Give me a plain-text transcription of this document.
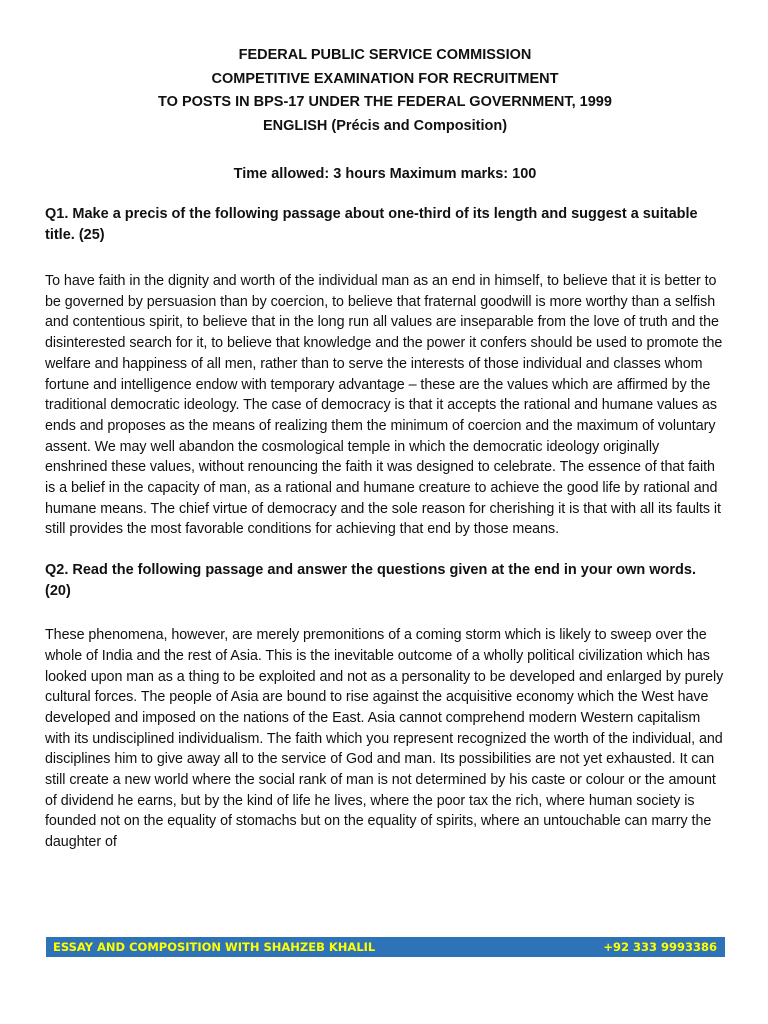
FEDERAL PUBLIC SERVICE COMMISSION

COMPETITIVE EXAMINATION FOR RECRUITMENT

TO POSTS IN BPS-17 UNDER THE FEDERAL GOVERNMENT, 1999

ENGLISH (Précis and Composition)

Time allowed: 3 hours Maximum marks: 100

Q1. Make a precis of the following passage about one-third of its length and suggest a suitable title. (25)

To have faith in the dignity and worth of the individual man as an end in himself, to believe that it is better to be governed by persuasion than by coercion, to believe that fraternal goodwill is more worthy than a selfish and contentious spirit, to believe that in the long run all values are inseparable from the love of truth and the disinterested search for it, to believe that knowledge and the power it confers should be used to promote the welfare and happiness of all men, rather than to serve the interests of those individual and classes whom fortune and intelligence endow with temporary advantage – these are the values which are affirmed by the traditional democratic ideology. The case of democracy is that it accepts the rational and humane values as ends and proposes as the means of realizing them the minimum of coercion and the maximum of voluntary assent. We may well abandon the cosmological temple in which the democratic ideology originally enshrined these values, without renouncing the faith it was designed to celebrate. The essence of that faith is a belief in the capacity of man, as a rational and humane creature to achieve the good life by rational and humane means. The chief virtue of democracy and the sole reason for cherishing it is that with all its faults it still provides the most favorable conditions for achieving that end by those means.

Q2. Read the following passage and answer the questions given at the end in your own words. (20)

These phenomena, however, are merely premonitions of a coming storm which is likely to sweep over the whole of India and the rest of Asia. This is the inevitable outcome of a wholly political civilization which has looked upon man as a thing to be exploited and not as a personality to be developed and enlarged by purely cultural forces. The people of Asia are bound to rise against the acquisitive economy which the West have developed and imposed on the nations of the East. Asia cannot comprehend modern Western capitalism with its undisciplined individualism. The faith which you represent recognized the worth of the individual, and disciplines him to give away all to the service of God and man. Its possibilities are not yet exhausted. It can still create a new world where the social rank of man is not determined by his caste or colour or the amount of dividend he earns, but by the kind of life he lives, where the poor tax the rich, where human society is founded not on the equality of stomachs but on the equality of spirits, where an untouchable can marry the daughter of

ESSAY AND COMPOSITION WITH SHAHZEB KHALIL	+92 333 9993386
